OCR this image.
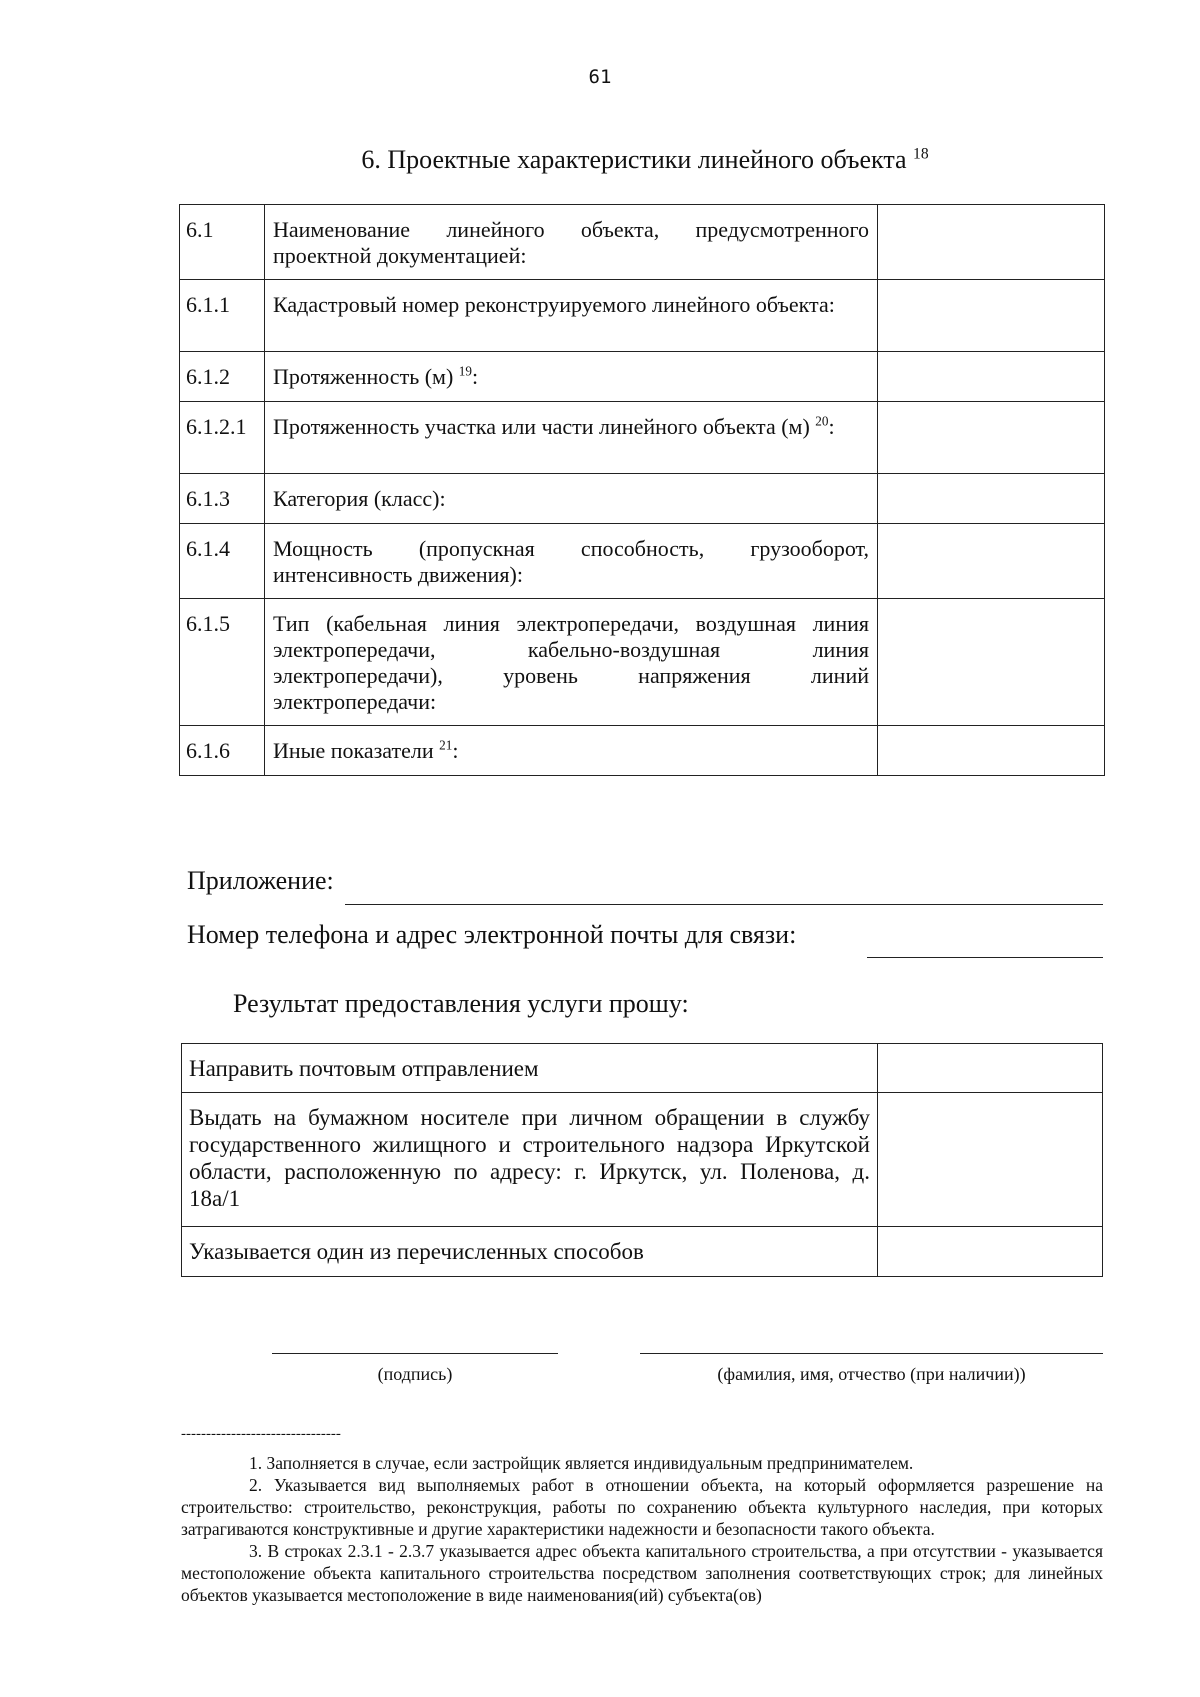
61
6. Проектные характеристики линейного объекта $^{18}$
6.1	Наименование линейного объекта, предусмотренного проектной документацией:	
6.1.1	Кадастровый номер реконструируемого линейного объекта:	
6.1.2	Протяженность (м) $^{19}$:	
6.1.2.1	Протяженность участка или части линейного объекта (м) $^{20}$:	
6.1.3	Категория (класс):	
6.1.4	Мощность (пропускная способность, грузооборот, интенсивность движения):	
6.1.5	Тип (кабельная линия электропередачи, воздушная линия электропередачи, кабельно-воздушная линия электропередачи), уровень напряжения линий электропередачи:	
6.1.6	Иные показатели $^{21}$:	
Приложение:
Номер телефона и адрес электронной почты для связи:
Результат предоставления услуги прошу:
Направить почтовым отправлением	
Выдать на бумажном носителе при личном обращении в службу государственного жилищного и строительного надзора Иркутской области, расположенную по адресу: г. Иркутск, ул. Поленова, д. 18а/1	
Указывается один из перечисленных способов	
(подпись)	(фамилия, имя, отчество (при наличии))
--------------------------------

1. Заполняется в случае, если застройщик является индивидуальным предпринимателем.

2. Указывается вид выполняемых работ в отношении объекта, на который оформляется разрешение на строительство: строительство, реконструкция, работы по сохранению объекта культурного наследия, при которых затрагиваются конструктивные и другие характеристики надежности и безопасности такого объекта.

3. В строках 2.3.1 - 2.3.7 указывается адрес объекта капитального строительства, а при отсутствии - указывается местоположение объекта капитального строительства посредством заполнения соответствующих строк; для линейных объектов указывается местоположение в виде наименования(ий) субъекта(ов)
